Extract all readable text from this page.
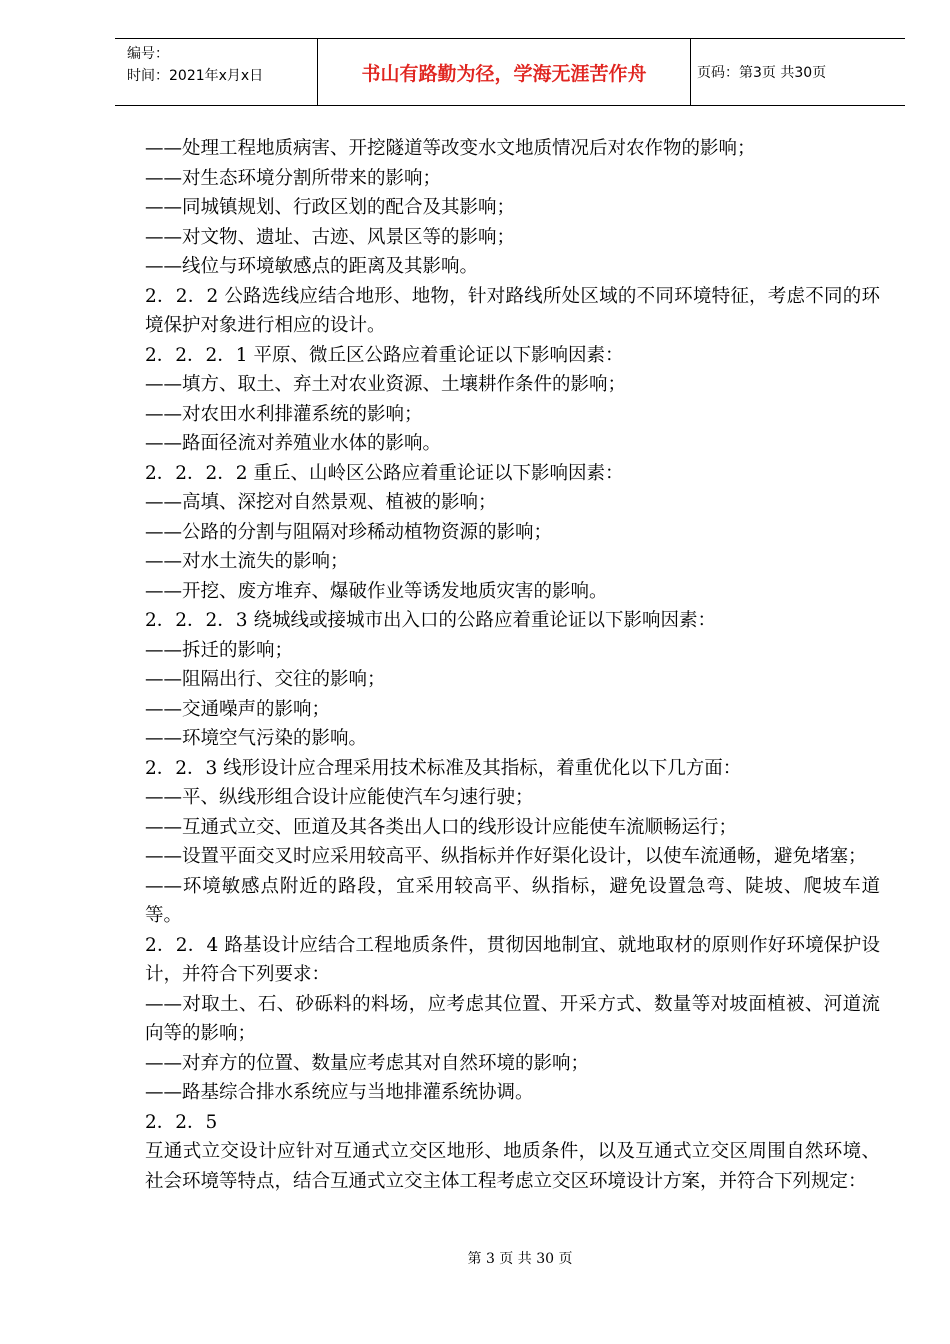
编号：
时间：2021年x月x日	书山有路勤为径，学海无涯苦作舟	页码：第3页 共30页

——处理工程地质病害、开挖隧道等改变水文地质情况后对农作物的影响；

——对生态环境分割所带来的影响；

——同城镇规划、行政区划的配合及其影响；

——对文物、遗址、古迹、风景区等的影响；

——线位与环境敏感点的距离及其影响。

2．2．2 公路选线应结合地形、地物，针对路线所处区域的不同环境特征，考虑不同的环境保护对象进行相应的设计。

2．2．2．1 平原、微丘区公路应着重论证以下影响因素：

——填方、取土、弃土对农业资源、土壤耕作条件的影响；

——对农田水利排灌系统的影响；

——路面径流对养殖业水体的影响。

2．2．2．2 重丘、山岭区公路应着重论证以下影响因素：

——高填、深挖对自然景观、植被的影响；

——公路的分割与阻隔对珍稀动植物资源的影响；

——对水土流失的影响；

——开挖、废方堆弃、爆破作业等诱发地质灾害的影响。

2．2．2．3 绕城线或接城市出入口的公路应着重论证以下影响因素：

——拆迁的影响；

——阻隔出行、交往的影响；

——交通噪声的影响；

——环境空气污染的影响。

2．2．3 线形设计应合理采用技术标准及其指标，着重优化以下几方面：

——平、纵线形组合设计应能使汽车匀速行驶；

——互通式立交、匝道及其各类出人口的线形设计应能使车流顺畅运行；

——设置平面交叉时应采用较高平、纵指标并作好渠化设计，以使车流通畅，避免堵塞；

——环境敏感点附近的路段，宜采用较高平、纵指标，避免设置急弯、陡坡、爬坡车道等。

2．2．4 路基设计应结合工程地质条件，贯彻因地制宜、就地取材的原则作好环境保护设计，并符合下列要求：

——对取土、石、砂砾料的料场，应考虑其位置、开采方式、数量等对坡面植被、河道流向等的影响；

——对弃方的位置、数量应考虑其对自然环境的影响；

——路基综合排水系统应与当地排灌系统协调。

2．2．5

互通式立交设计应针对互通式立交区地形、地质条件，以及互通式立交区周围自然环境、社会环境等特点，结合互通式立交主体工程考虑立交区环境设计方案，并符合下列规定：

第 3 页 共 30 页
